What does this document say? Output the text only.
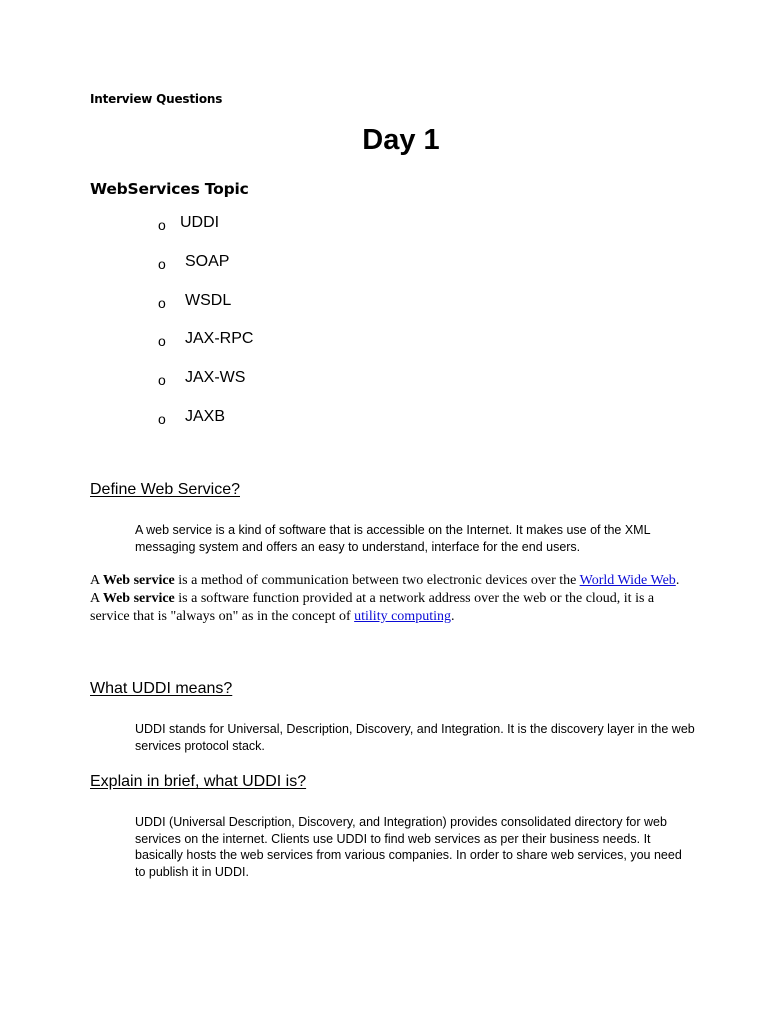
Interview Questions
Day 1
WebServices Topic
o UDDI
o	SOAP
o	WSDL
o	JAX-RPC
o	JAX-WS
o	JAXB
Define Web Service?

A web service is a kind of software that is accessible on the Internet. It makes use of the XML messaging system and offers an easy to understand, interface for the end users.

A Web service is a method of communication between two electronic devices over the World Wide Web. A Web service is a software function provided at a network address over the web or the cloud, it is a service that is "always on" as in the concept of utility computing.

What UDDI means?

UDDI stands for Universal, Description, Discovery, and Integration. It is the discovery layer in the web services protocol stack.

Explain in brief, what UDDI is?

UDDI (Universal Description, Discovery, and Integration) provides consolidated directory for web services on the internet. Clients use UDDI to find web services as per their business needs. It basically hosts the web services from various companies. In order to share web services, you need to publish it in UDDI.
